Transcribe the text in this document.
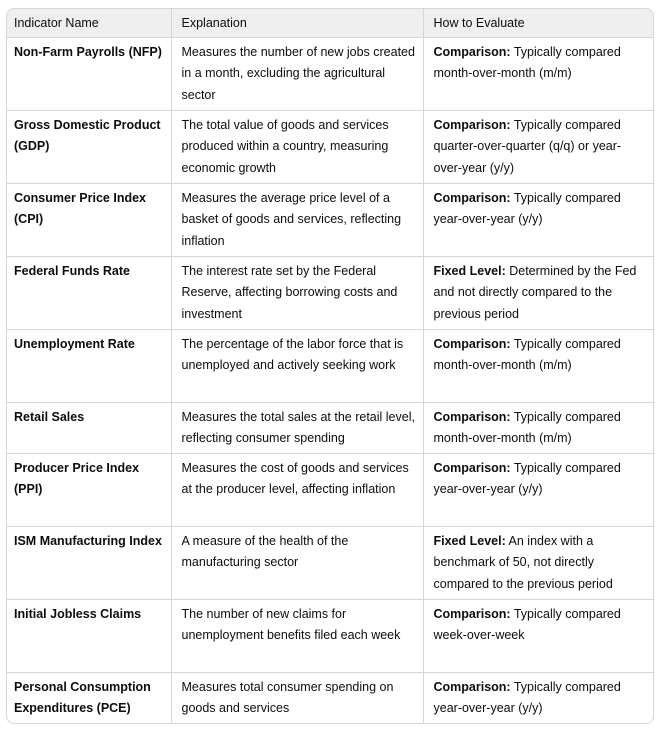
Indicator Name	Explanation	How to Evaluate
Non-Farm Payrolls (NFP)	Measures the number of new jobs created in a month, excluding the agricultural sector	Comparison: Typically compared month-over-month (m/m)
Gross Domestic Product (GDP)	The total value of goods and services produced within a country, measuring economic growth	Comparison: Typically compared quarter-over-quarter (q/q) or year-over-year (y/y)
Consumer Price Index (CPI)	Measures the average price level of a basket of goods and services, reflecting inflation	Comparison: Typically compared year-over-year (y/y)
Federal Funds Rate	The interest rate set by the Federal Reserve, affecting borrowing costs and investment	Fixed Level: Determined by the Fed and not directly compared to the previous period
Unemployment Rate	The percentage of the labor force that is unemployed and actively seeking work	Comparison: Typically compared month-over-month (m/m)
Retail Sales	Measures the total sales at the retail level, reflecting consumer spending	Comparison: Typically compared month-over-month (m/m)
Producer Price Index (PPI)	Measures the cost of goods and services at the producer level, affecting inflation	Comparison: Typically compared year-over-year (y/y)
ISM Manufacturing Index	A measure of the health of the manufacturing sector	Fixed Level: An index with a benchmark of 50, not directly compared to the previous period
Initial Jobless Claims	The number of new claims for unemployment benefits filed each week	Comparison: Typically compared week-over-week
Personal Consumption Expenditures (PCE)	Measures total consumer spending on goods and services	Comparison: Typically compared year-over-year (y/y)
